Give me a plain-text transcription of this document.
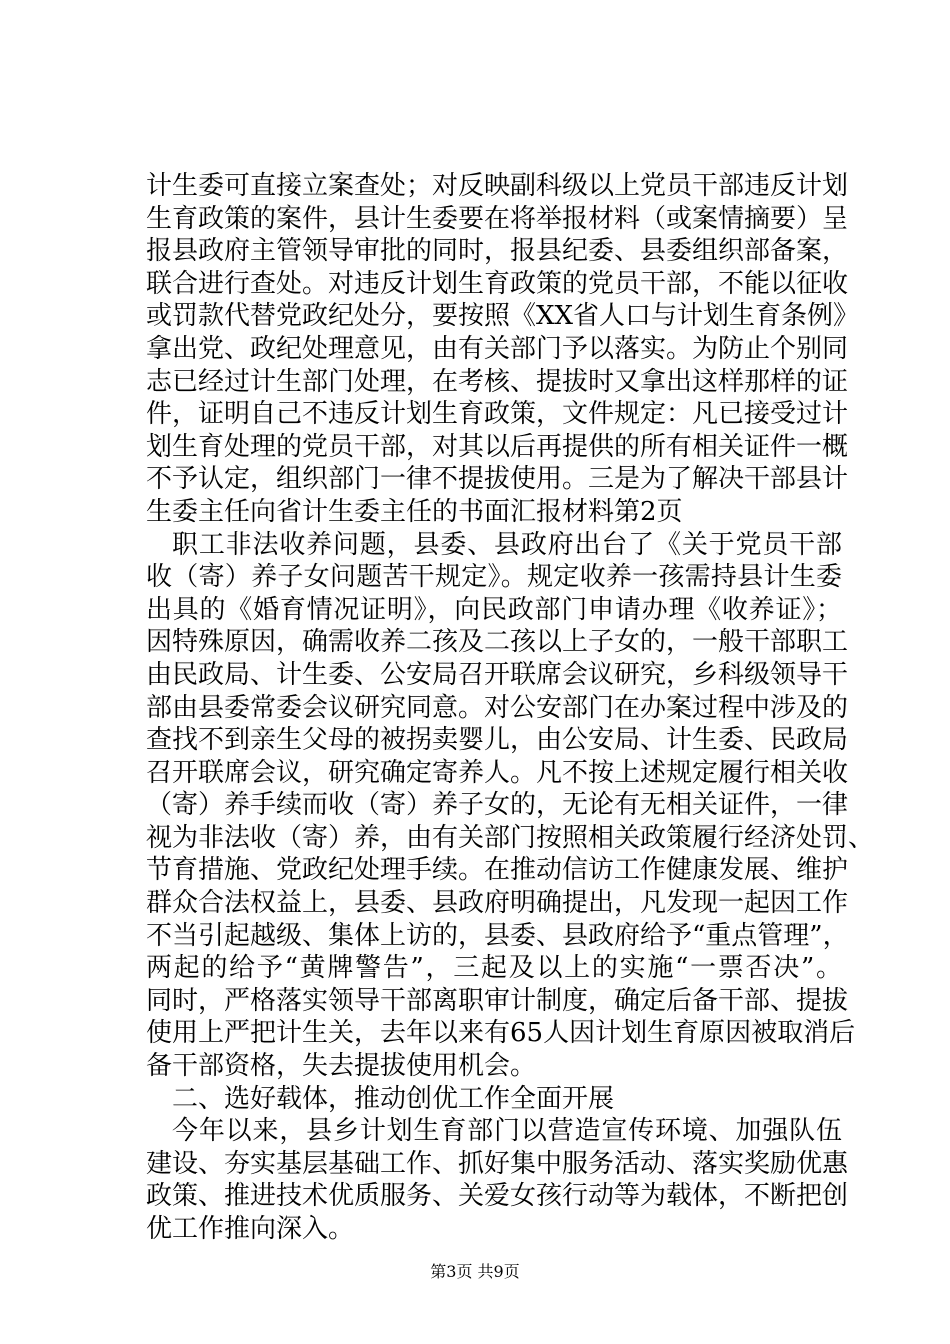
计生委可直接立案查处；对反映副科级以上党员干部违反计划
生育政策的案件，县计生委要在将举报材料（或案情摘要）呈
报县政府主管领导审批的同时，报县纪委、县委组织部备案，
联合进行查处。对违反计划生育政策的党员干部，不能以征收
或罚款代替党政纪处分，要按照《XX省人口与计划生育条例》
拿出党、政纪处理意见，由有关部门予以落实。为防止个别同
志已经过计生部门处理，在考核、提拔时又拿出这样那样的证
件，证明自己不违反计划生育政策，文件规定：凡已接受过计
划生育处理的党员干部，对其以后再提供的所有相关证件一概
不予认定，组织部门一律不提拔使用。三是为了解决干部县计
生委主任向省计生委主任的书面汇报材料第2页
职工非法收养问题，县委、县政府出台了《关于党员干部
收（寄）养子女问题苦干规定》。规定收养一孩需持县计生委
出具的《婚育情况证明》，向民政部门申请办理《收养证》；
因特殊原因，确需收养二孩及二孩以上子女的，一般干部职工
由民政局、计生委、公安局召开联席会议研究，乡科级领导干
部由县委常委会议研究同意。对公安部门在办案过程中涉及的
查找不到亲生父母的被拐卖婴儿，由公安局、计生委、民政局
召开联席会议，研究确定寄养人。凡不按上述规定履行相关收
（寄）养手续而收（寄）养子女的，无论有无相关证件，一律
视为非法收（寄）养，由有关部门按照相关政策履行经济处罚、
节育措施、党政纪处理手续。在推动信访工作健康发展、维护
群众合法权益上，县委、县政府明确提出，凡发现一起因工作
不当引起越级、集体上访的，县委、县政府给予“重点管理”，
两起的给予“黄牌警告”，三起及以上的实施“一票否决”。
同时，严格落实领导干部离职审计制度，确定后备干部、提拔
使用上严把计生关，去年以来有65人因计划生育原因被取消后
备干部资格，失去提拔使用机会。
二、选好载体，推动创优工作全面开展
今年以来，县乡计划生育部门以营造宣传环境、加强队伍
建设、夯实基层基础工作、抓好集中服务活动、落实奖励优惠
政策、推进技术优质服务、关爱女孩行动等为载体，不断把创
优工作推向深入。
第3页 共9页
